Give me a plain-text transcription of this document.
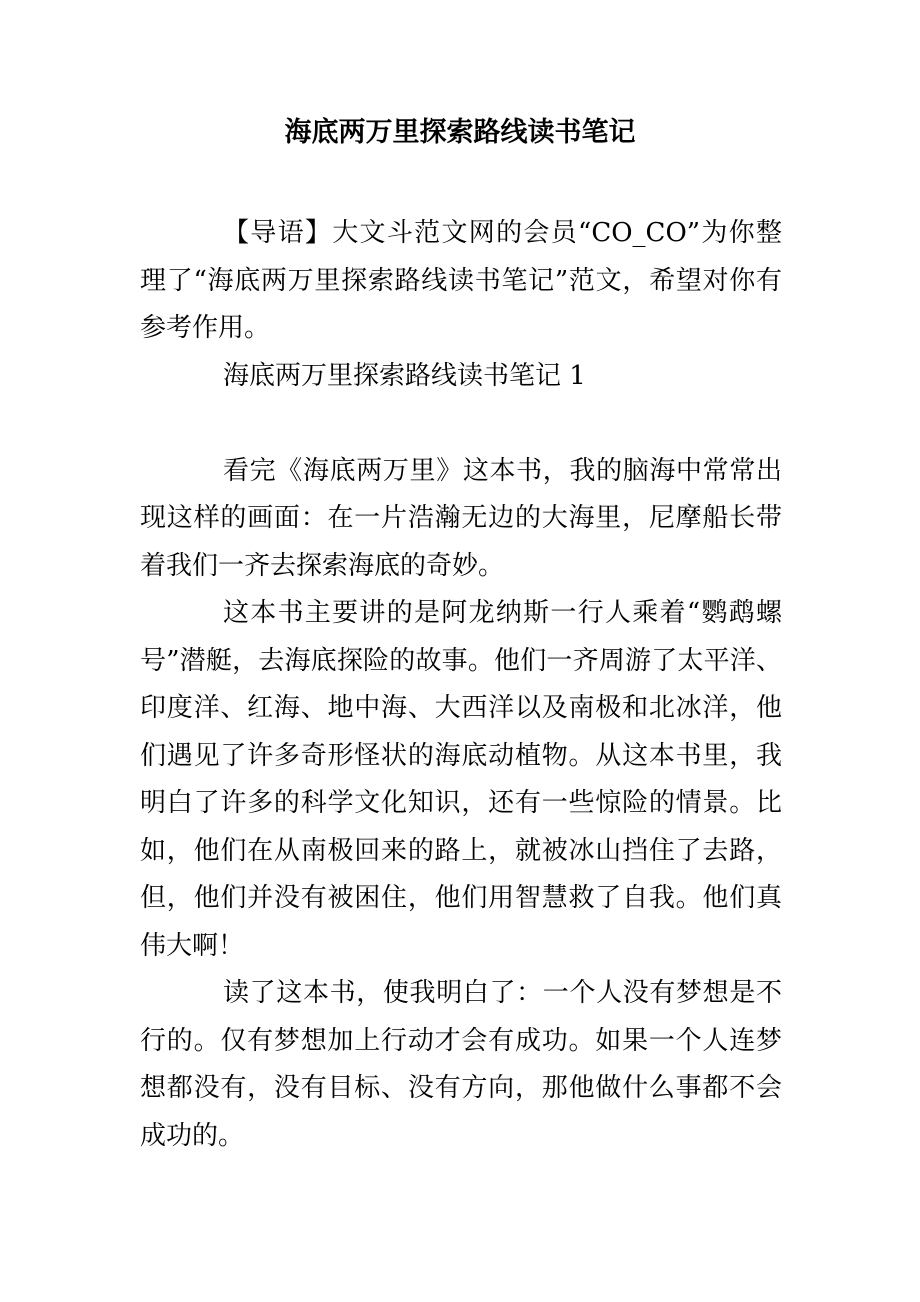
海底两万里探索路线读书笔记

【导语】大文斗范文网的会员“CO_CO”为你整理了“海底两万里探索路线读书笔记”范文，希望对你有参考作用。

海底两万里探索路线读书笔记 1

看完《海底两万里》这本书，我的脑海中常常出现这样的画面：在一片浩瀚无边的大海里，尼摩船长带着我们一齐去探索海底的奇妙。

这本书主要讲的是阿龙纳斯一行人乘着“鹦鹉螺号”潜艇，去海底探险的故事。他们一齐周游了太平洋、印度洋、红海、地中海、大西洋以及南极和北冰洋，他们遇见了许多奇形怪状的海底动植物。从这本书里，我明白了许多的科学文化知识，还有一些惊险的情景。比如，他们在从南极回来的路上，就被冰山挡住了去路，但，他们并没有被困住，他们用智慧救了自我。他们真伟大啊！

读了这本书，使我明白了：一个人没有梦想是不行的。仅有梦想加上行动才会有成功。如果一个人连梦想都没有，没有目标、没有方向，那他做什么事都不会成功的。
